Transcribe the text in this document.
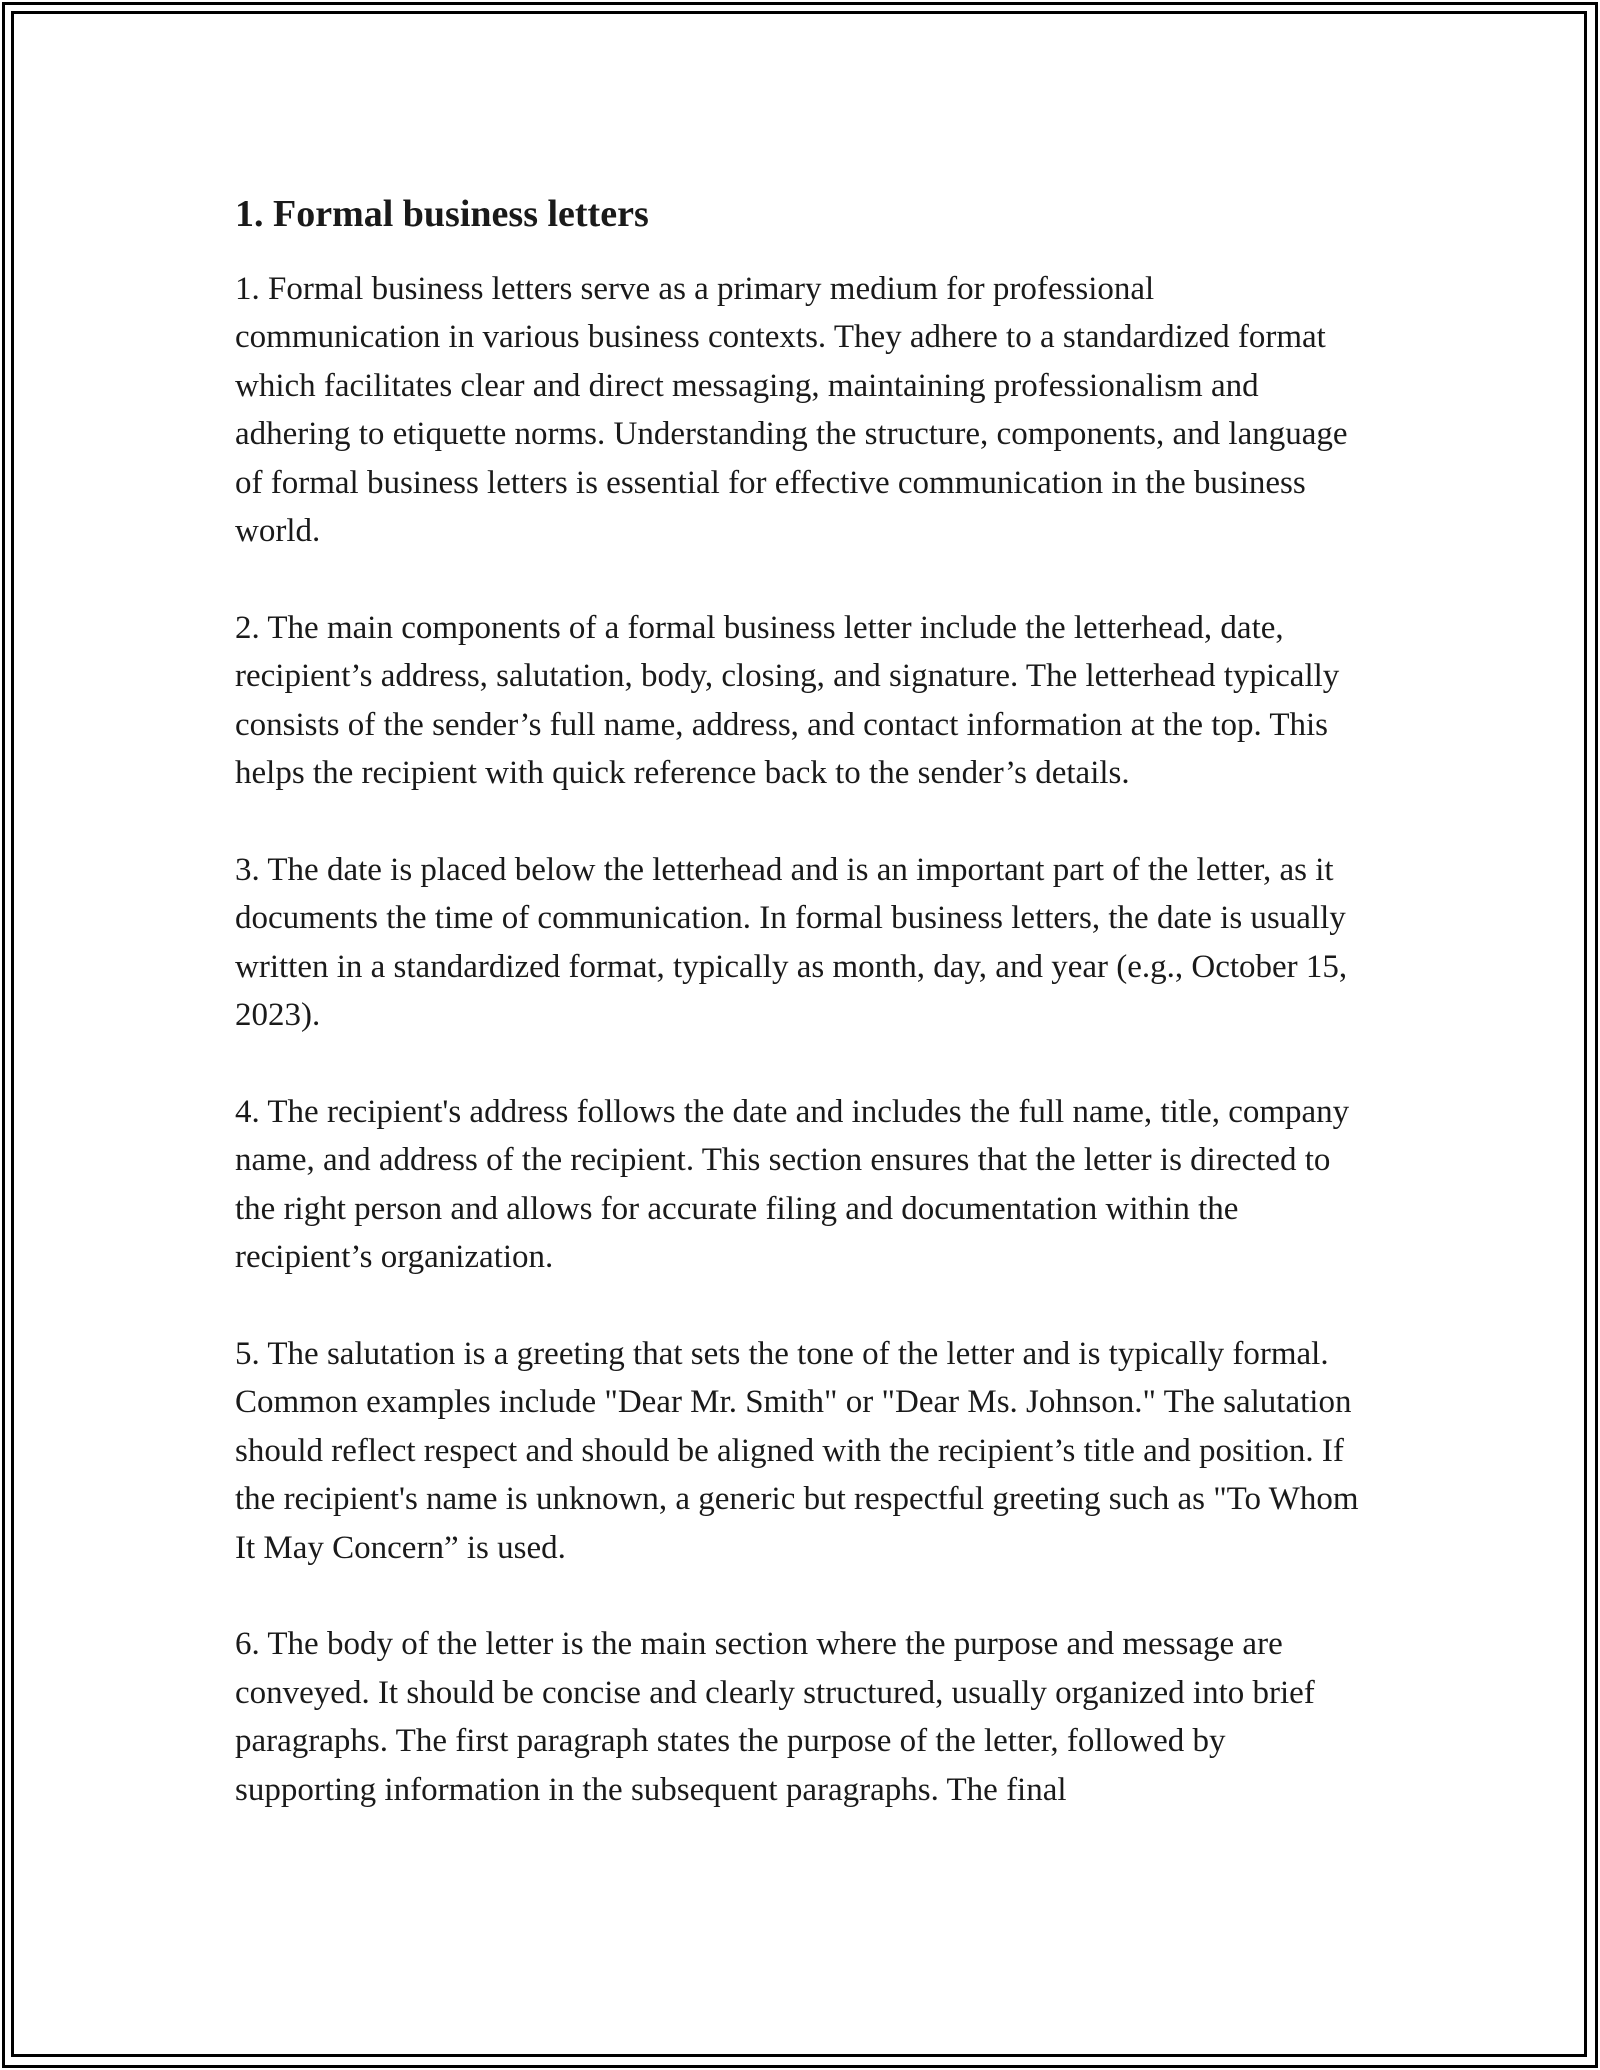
1. Formal business letters

1. Formal business letters serve as a primary medium for professional communication in various business contexts. They adhere to a standardized format which facilitates clear and direct messaging, maintaining professionalism and adhering to etiquette norms. Understanding the structure, components, and language of formal business letters is essential for effective communication in the business world.

2. The main components of a formal business letter include the letterhead, date, recipient’s address, salutation, body, closing, and signature. The letterhead typically consists of the sender’s full name, address, and contact information at the top. This helps the recipient with quick reference back to the sender’s details.

3. The date is placed below the letterhead and is an important part of the letter, as it documents the time of communication. In formal business letters, the date is usually written in a standardized format, typically as month, day, and year (e.g., October 15, 2023).

4. The recipient's address follows the date and includes the full name, title, company name, and address of the recipient. This section ensures that the letter is directed to the right person and allows for accurate filing and documentation within the recipient’s organization.

5. The salutation is a greeting that sets the tone of the letter and is typically formal. Common examples include "Dear Mr. Smith" or "Dear Ms. Johnson." The salutation should reflect respect and should be aligned with the recipient’s title and position. If the recipient's name is unknown, a generic but respectful greeting such as "To Whom It May Concern” is used.

6. The body of the letter is the main section where the purpose and message are conveyed. It should be concise and clearly structured, usually organized into brief paragraphs. The first paragraph states the purpose of the letter, followed by supporting information in the subsequent paragraphs. The final
